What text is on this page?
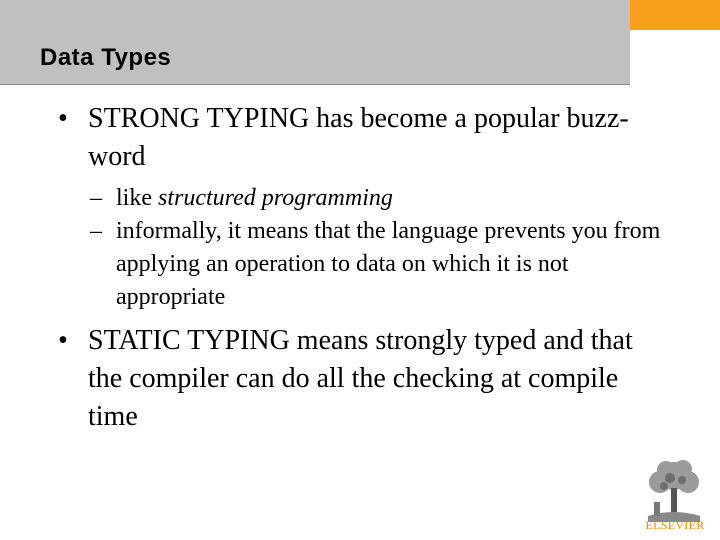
Data Types

• STRONG TYPING has become a popular buzz-word

– like structured programming

– informally, it means that the language prevents you from applying an operation to data on which it is not appropriate

• STATIC TYPING means strongly typed and that the compiler can do all the checking at compile time

ELSEVIER
